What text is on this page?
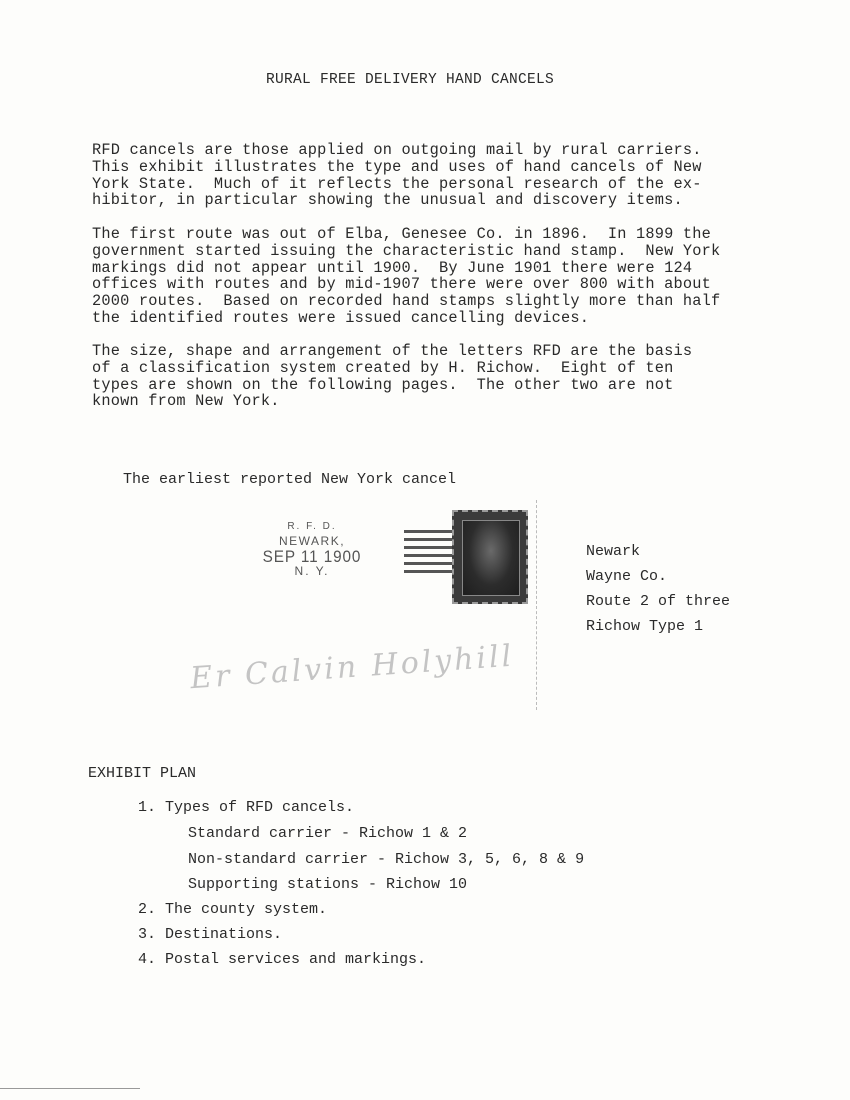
RURAL FREE DELIVERY HAND CANCELS
RFD cancels are those applied on outgoing mail by rural carriers.
This exhibit illustrates the type and uses of hand cancels of New
York State.  Much of it reflects the personal research of the ex-
hibitor, in particular showing the unusual and discovery items.
The first route was out of Elba, Genesee Co. in 1896.  In 1899 the
government started issuing the characteristic hand stamp.  New York
markings did not appear until 1900.  By June 1901 there were 124
offices with routes and by mid-1907 there were over 800 with about
2000 routes.  Based on recorded hand stamps slightly more than half
the identified routes were issued cancelling devices.
The size, shape and arrangement of the letters RFD are the basis
of a classification system created by H. Richow.  Eight of ten
types are shown on the following pages.  The other two are not
known from New York.
The earliest reported New York cancel
R. F. D.
NEWARK,
SEP 11 1900
N. Y.
Er Calvin Holyhill
Newark
Wayne Co.
Route 2 of three
Richow Type 1
EXHIBIT PLAN
1. Types of RFD cancels.
Standard carrier - Richow 1 & 2
Non-standard carrier - Richow 3, 5, 6, 8 & 9
Supporting stations - Richow 10
2. The county system.
3. Destinations.
4. Postal services and markings.
